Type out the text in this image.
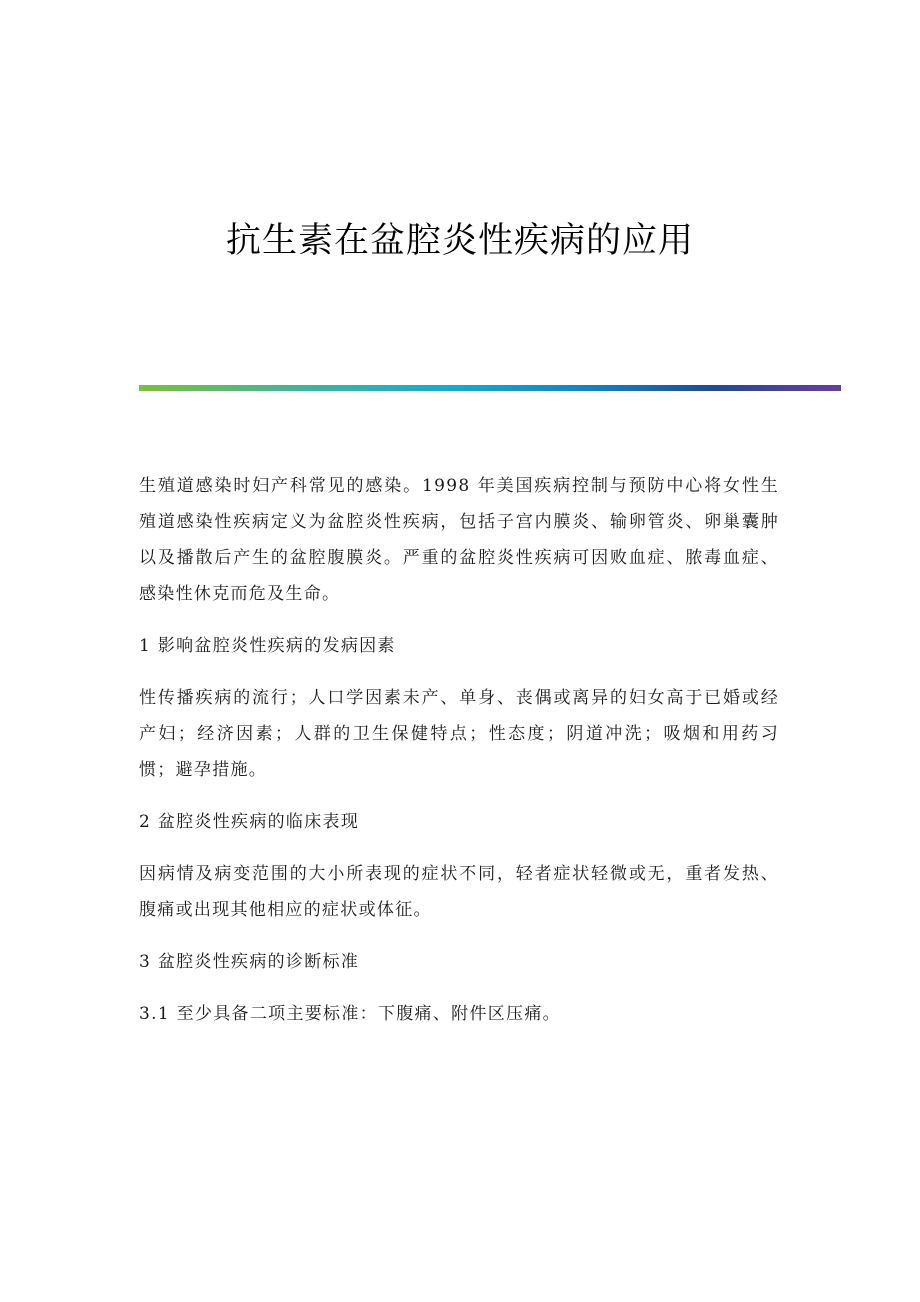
抗生素在盆腔炎性疾病的应用

生殖道感染时妇产科常见的感染。1998 年美国疾病控制与预防中心将女性生殖道感染性疾病定义为盆腔炎性疾病，包括子宫内膜炎、输卵管炎、卵巢囊肿以及播散后产生的盆腔腹膜炎。严重的盆腔炎性疾病可因败血症、脓毒血症、感染性休克而危及生命。

1 影响盆腔炎性疾病的发病因素

性传播疾病的流行；人口学因素未产、单身、丧偶或离异的妇女高于已婚或经产妇；经济因素；人群的卫生保健特点；性态度；阴道冲洗；吸烟和用药习惯；避孕措施。

2 盆腔炎性疾病的临床表现

因病情及病变范围的大小所表现的症状不同，轻者症状轻微或无，重者发热、腹痛或出现其他相应的症状或体征。

3 盆腔炎性疾病的诊断标准

3.1 至少具备二项主要标准：下腹痛、附件区压痛。
